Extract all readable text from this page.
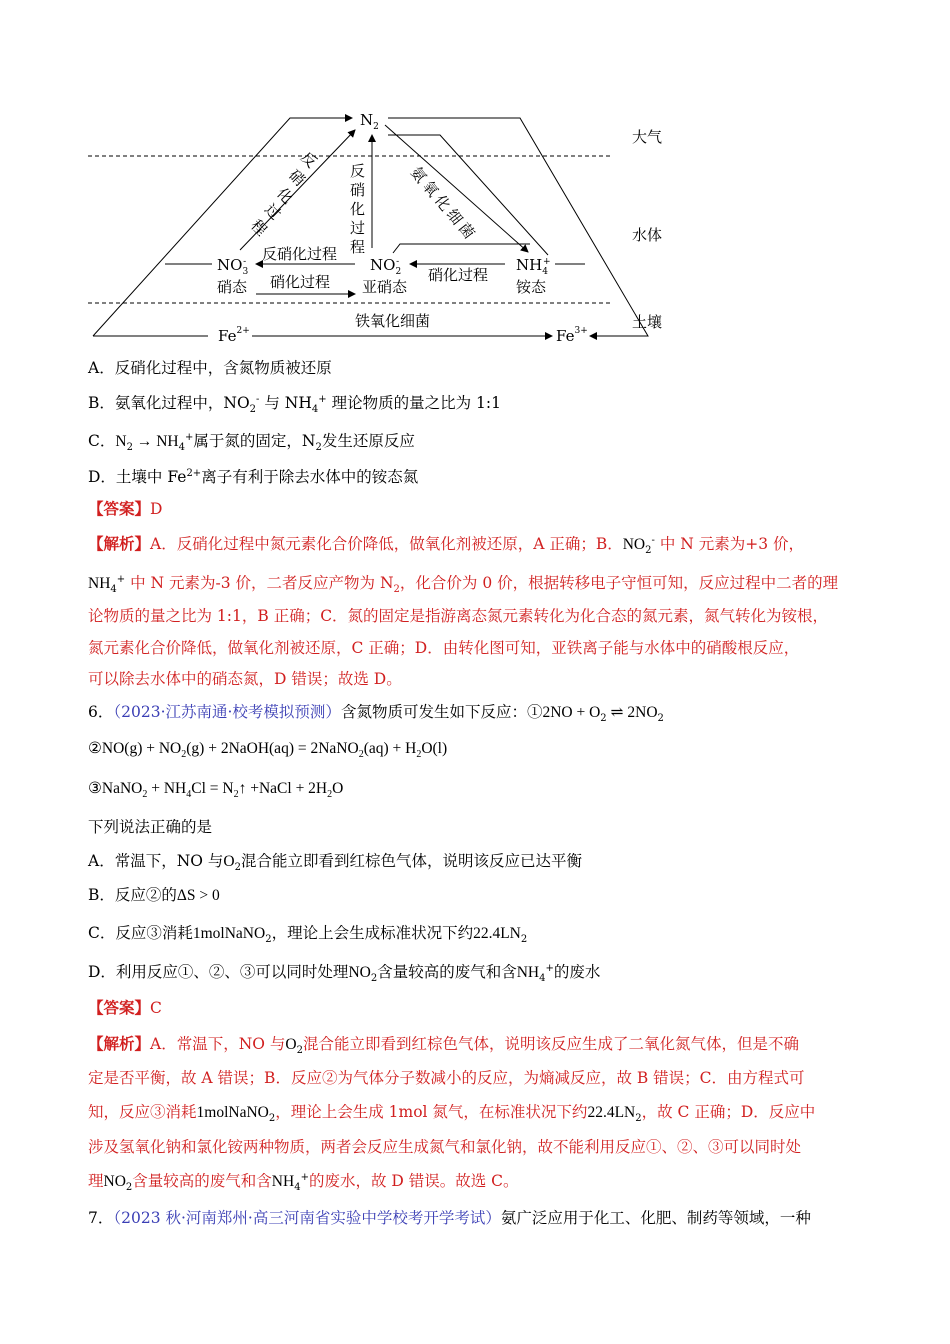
$N_2$
$NO_3-$
硝态
$NO_2-$
亚硝态
$NH_4+$
铵态
$Fe^{2+}$	$Fe^{3+}$
反硝化过程
硝化过程	硝化过程
铁氧化细菌
大气
水体
土壤
反
硝
化
过
程
反
硝
化
过
程
氨
氧
化
细
菌
A．反硝化过程中，含氮物质被还原
B．氨氧化过程中，$NO_2^-$ 与 $NH_4^+$ 理论物质的量之比为 1:1
C．$N_2 \to NH_4^+$属于氮的固定，$N_2$发生还原反应
D．土壤中 $Fe^{2+}$离子有利于除去水体中的铵态氮
【答案】D
【解析】A．反硝化过程中氮元素化合价降低，做氧化剂被还原，A 正确；B．$NO_2^-$ 中 N 元素为+3 价，
$NH_4^+$ 中 N 元素为-3 价，二者反应产物为 $N_2$，化合价为 0 价，根据转移电子守恒可知，反应过程中二者的理
论物质的量之比为 1:1，B 正确；C．氮的固定是指游离态氮元素转化为化合态的氮元素，氮气转化为铵根，
氮元素化合价降低，做氧化剂被还原，C 正确；D．由转化图可知，亚铁离子能与水体中的硝酸根反应，
可以除去水体中的硝态氮，D 错误；故选 D。
6．（2023·江苏南通·校考模拟预测）含氮物质可发生如下反应：①2NO + $O_2$ ⇌ $2NO_2$
②NO(g) + $NO_2(g)$ + 2NaOH(aq) = 2NaNO$_2$(aq) + $H_2O(l)$
③NaNO$_2$ + $NH_4Cl$ = $N_2↑$ +NaCl + $2H_2O$
下列说法正确的是
A．常温下，NO 与$O_2$混合能立即看到红棕色气体，说明该反应已达平衡
B．反应②的ΔS > 0
C．反应③消耗1molNaNO$_2$，理论上会生成标准状况下约$22.4LN_2$
D．利用反应①、②、③可以同时处理$NO_2$含量较高的废气和含$NH_4^+$的废水
【答案】C
【解析】A．常温下，NO 与$O_2$混合能立即看到红棕色气体，说明该反应生成了二氧化氮气体，但是不确
定是否平衡，故 A 错误；B．反应②为气体分子数减小的反应，为熵减反应，故 B 错误；C．由方程式可
知，反应③消耗1molNaNO$_2$，理论上会生成 1mol 氮气，在标准状况下约$22.4LN_2$，故 C 正确；D．反应中
涉及氢氧化钠和氯化铵两种物质，两者会反应生成氮气和氯化钠，故不能利用反应①、②、③可以同时处
理$NO_2$含量较高的废气和含$NH_4^+$的废水，故 D 错误。故选 C。
7．（2023 秋·河南郑州·高三河南省实验中学校考开学考试）氨广泛应用于化工、化肥、制药等领域，一种
